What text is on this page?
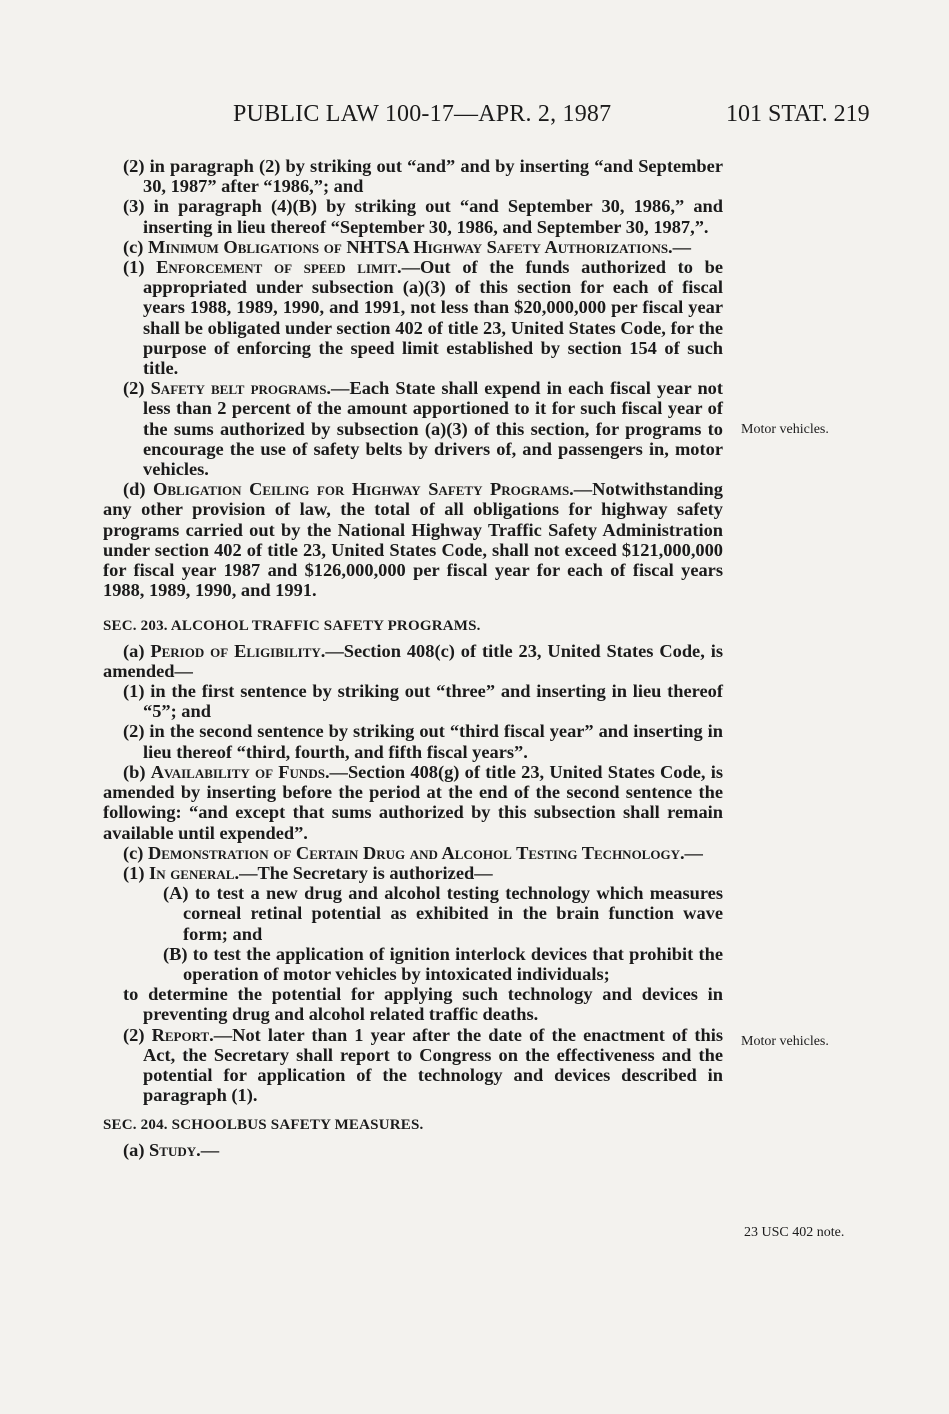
PUBLIC LAW 100-17—APR. 2, 1987	101 STAT. 219

(2) in paragraph (2) by striking out “and” and by inserting “and September 30, 1987” after “1986,”; and

(3) in paragraph (4)(B) by striking out “and September 30, 1986,” and inserting in lieu thereof “September 30, 1986, and September 30, 1987,”.

(c) Minimum Obligations of NHTSA Highway Safety Authorizations.—

(1) Enforcement of speed limit.—Out of the funds authorized to be appropriated under subsection (a)(3) of this section for each of fiscal years 1988, 1989, 1990, and 1991, not less than $20,000,000 per fiscal year shall be obligated under section 402 of title 23, United States Code, for the purpose of enforcing the speed limit established by section 154 of such title.

(2) Safety belt programs.—Each State shall expend in each fiscal year not less than 2 percent of the amount apportioned to it for such fiscal year of the sums authorized by subsection (a)(3) of this section, for programs to encourage the use of safety belts by drivers of, and passengers in, motor vehicles.

(d) Obligation Ceiling for Highway Safety Programs.—Notwithstanding any other provision of law, the total of all obligations for highway safety programs carried out by the National Highway Traffic Safety Administration under section 402 of title 23, United States Code, shall not exceed $121,000,000 for fiscal year 1987 and $126,000,000 per fiscal year for each of fiscal years 1988, 1989, 1990, and 1991.

SEC. 203. ALCOHOL TRAFFIC SAFETY PROGRAMS.

(a) Period of Eligibility.—Section 408(c) of title 23, United States Code, is amended—

(1) in the first sentence by striking out “three” and inserting in lieu thereof “5”; and

(2) in the second sentence by striking out “third fiscal year” and inserting in lieu thereof “third, fourth, and fifth fiscal years”.

(b) Availability of Funds.—Section 408(g) of title 23, United States Code, is amended by inserting before the period at the end of the second sentence the following: “and except that sums authorized by this subsection shall remain available until expended”.

(c) Demonstration of Certain Drug and Alcohol Testing Technology.—

(1) In general.—The Secretary is authorized—

(A) to test a new drug and alcohol testing technology which measures corneal retinal potential as exhibited in the brain function wave form; and

(B) to test the application of ignition interlock devices that prohibit the operation of motor vehicles by intoxicated individuals;

to determine the potential for applying such technology and devices in preventing drug and alcohol related traffic deaths.

(2) Report.—Not later than 1 year after the date of the enactment of this Act, the Secretary shall report to Congress on the effectiveness and the potential for application of the technology and devices described in paragraph (1).

SEC. 204. SCHOOLBUS SAFETY MEASURES.

(a) Study.—

Motor vehicles.
Motor vehicles.
23 USC 402 note.
